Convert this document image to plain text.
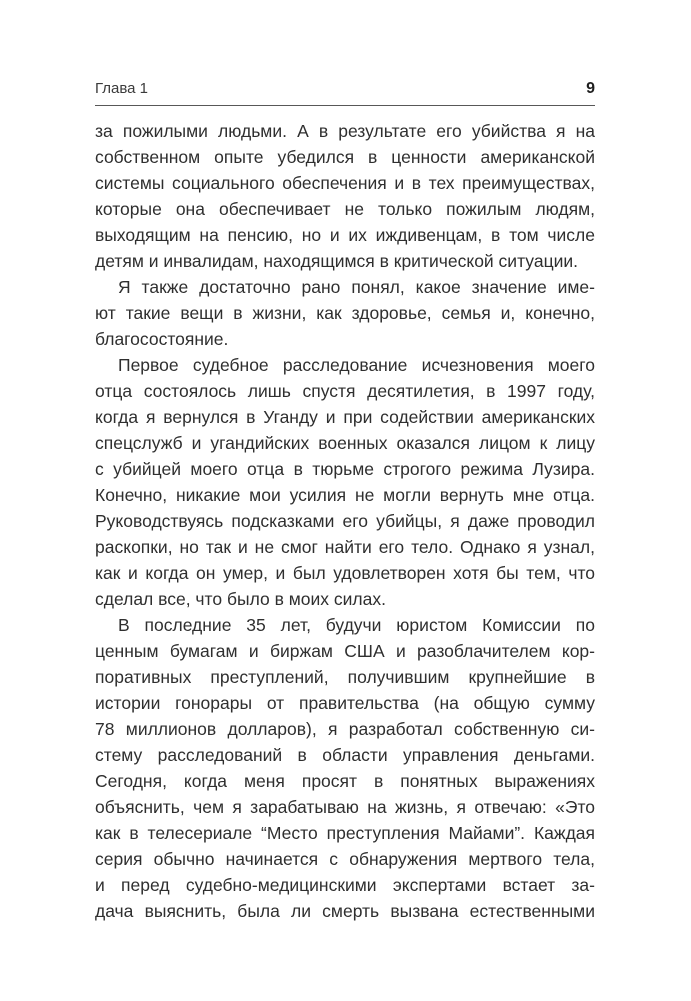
Глава 1	9
за пожилыми людьми. А в результате его убийства я на
собственном опыте убедился в ценности американской
системы социального обеспечения и в тех преимуществах,
которые она обеспечивает не только пожилым людям,
выходящим на пенсию, но и их иждивенцам, в том числе
детям и инвалидам, находящимся в критической ситуации.
Я также достаточно рано понял, какое значение име-
ют такие вещи в жизни, как здоровье, семья и, конечно,
благосостояние.
Первое судебное расследование исчезновения моего
отца состоялось лишь спустя десятилетия, в 1997 году,
когда я вернулся в Уганду и при содействии американских
спецслужб и угандийских военных оказался лицом к лицу
с убийцей моего отца в тюрьме строгого режима Лузира.
Конечно, никакие мои усилия не могли вернуть мне отца.
Руководствуясь подсказками его убийцы, я даже проводил
раскопки, но так и не смог найти его тело. Однако я узнал,
как и когда он умер, и был удовлетворен хотя бы тем, что
сделал все, что было в моих силах.
В последние 35 лет, будучи юристом Комиссии по
ценным бумагам и биржам США и разоблачителем кор-
поративных преступлений, получившим крупнейшие в
истории гонорары от правительства (на общую сумму
78 миллионов долларов), я разработал собственную си-
стему расследований в области управления деньгами.
Сегодня, когда меня просят в понятных выражениях
объяснить, чем я зарабатываю на жизнь, я отвечаю: «Это
как в телесериале “Место преступления Майами”. Каждая
серия обычно начинается с обнаружения мертвого тела,
и перед судебно-медицинскими экспертами встает за-
дача выяснить, была ли смерть вызвана естественными
